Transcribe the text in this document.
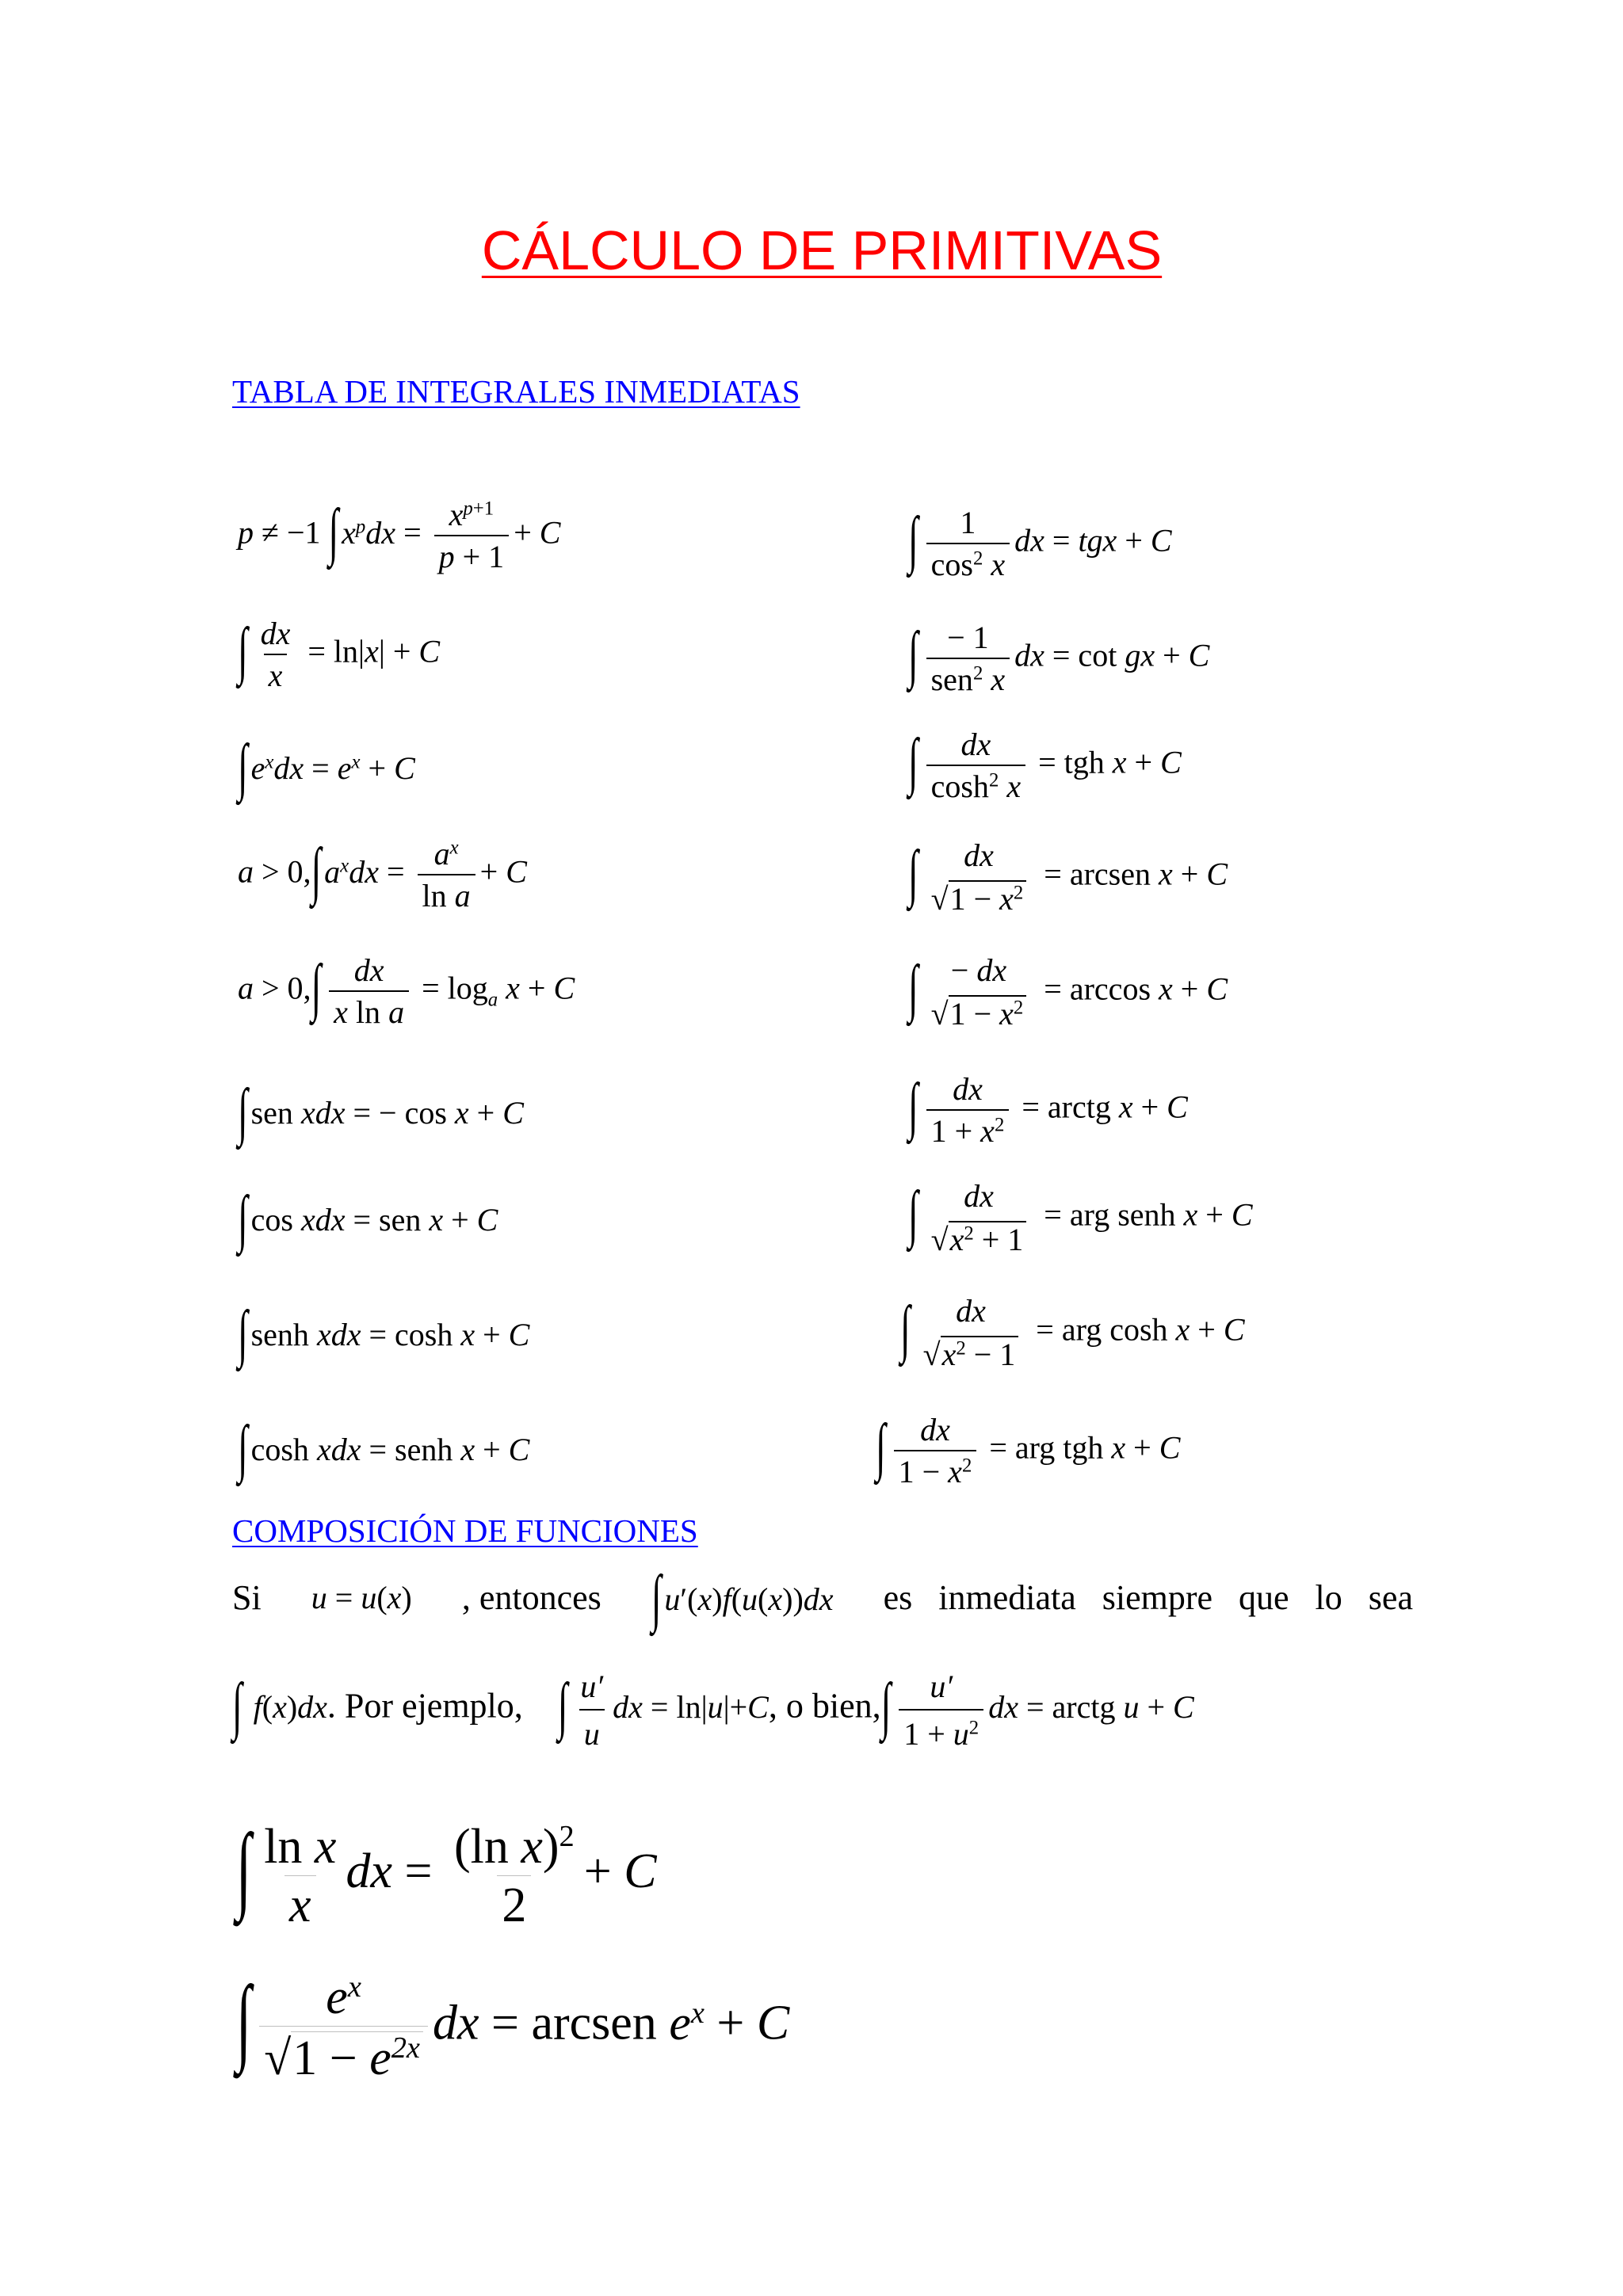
CÁLCULO DE PRIMITIVAS
TABLA DE INTEGRALES INMEDIATAS
p ≠ −1 ∫ $x^pdx = \frac{x^{p+1}}{p + 1} + C$
∫ $\frac{dx}{x} = \ln|x| + C$
∫ $e^xdx = e^x + C$
a > 0,∫ $a^xdx = \frac{a^x}{\text{ln a}} + C$
$a > 0,\int \frac{dx}{\text{x ln a}} = \log_a x + C$
∫ sen xdx = − cos x + C
∫ cos xdx = sen x + C
∫ senh xdx = cosh x + C
∫ cosh xdx = senh x + C
∫ $\frac{1}{\cos^2 x}$ dx = tgx + C
∫ $\frac{- 1}{sen^2 x}$ dx = cot gx + C
∫ $\frac{dx}{\cosh^2 x}$ = tgh x + C
∫ dx
$√1 - x^2$
= arcsen x + C
∫ − dx
$√1 - x^2$
= arccos x + C
∫ $\frac{dx}{1 + x^2}$ = arctg x + C
∫ dx
$√x^2 + 1$
= arg senh x + C
∫ dx
$√x^2 - 1$
= arg cosh x + C
∫ $\frac{dx}{1 - x^2}$ = arg tgh x + C
COMPOSICIÓN DE FUNCIONES
Si u = u(x) , entonces ∫ u′(x)f(u(x))dx es inmediata siempre que lo sea
∫ f(x)dx. Por ejemplo, ∫ $\frac{u'}{u}$ dx = ln|u|+C, o bien,∫ $\frac{u'}{1 + u^2}$ dx = arctg u + C
∫ $\frac{\text{ln x}}{x}$ dx = $\frac{(\ln x)^2}{2} + C$
∫ $\frac{e^x}{√1 - e^{2x}}$ dx = arcsen $e^x + C$
